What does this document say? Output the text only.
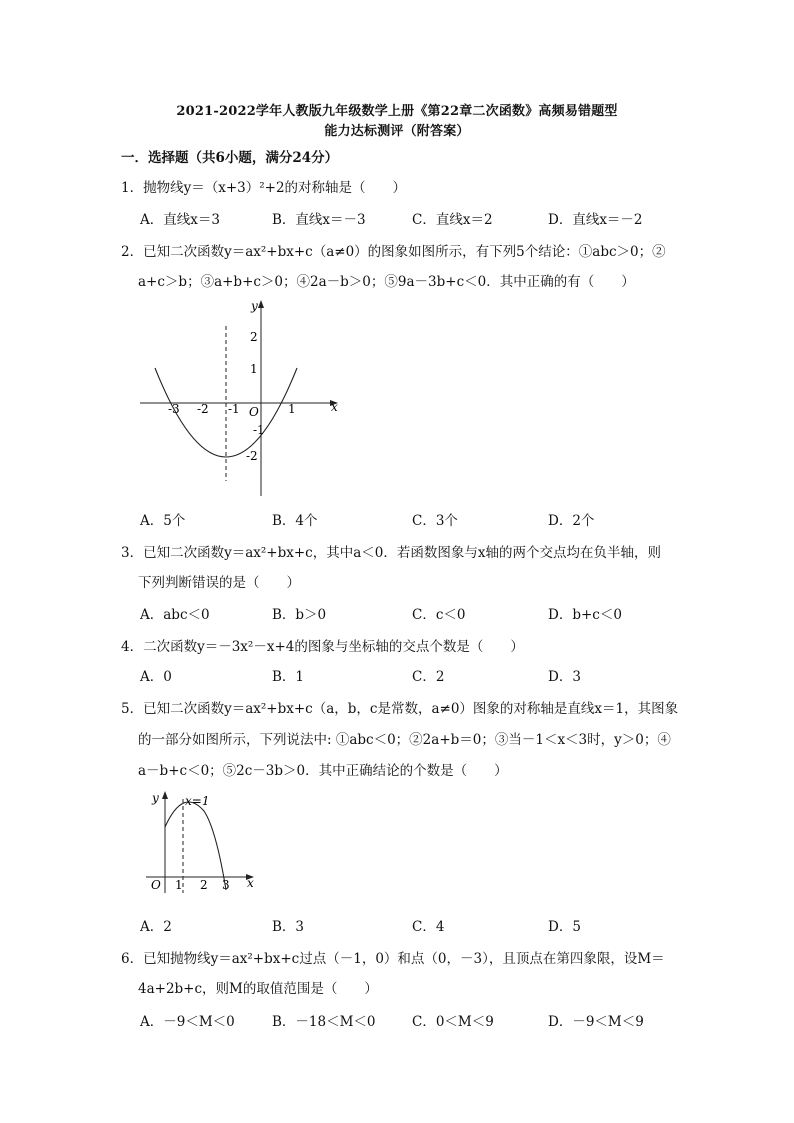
2021-2022学年人教版九年级数学上册《第22章二次函数》高频易错题型
能力达标测评（附答案）
一．选择题（共6小题，满分24分）
1．抛物线y＝（x+3）²+2的对称轴是（　　）
A．直线x＝3	B．直线x＝－3	C．直线x＝2	D．直线x＝－2
2．已知二次函数y＝ax²+bx+c（a≠0）的图象如图所示，有下列5个结论：①abc＞0；②
a+c＞b；③a+b+c＞0；④2a－b＞0；⑤9a－3b+c＜0．其中正确的有（　　）
y
x
O
-3 -2 -1	1
2
1
-1
-2
A．5个	B．4个	C．3个	D．2个
3．已知二次函数y＝ax²+bx+c，其中a＜0．若函数图象与x轴的两个交点均在负半轴，则
下列判断错误的是（　　）
A．abc＜0	B．b＞0	C．c＜0	D．b+c＜0
4．二次函数y＝－3x²－x+4的图象与坐标轴的交点个数是（　　）
A．0	B．1	C．2	D．3
5．已知二次函数y＝ax²+bx+c（a，b，c是常数，a≠0）图象的对称轴是直线x＝1，其图象
的一部分如图所示，下列说法中: ①abc＜0；②2a+b＝0；③当－1＜x＜3时，y＞0；④
a－b+c＜0；⑤2c－3b＞0．其中正确结论的个数是（　　）
y x=1
x
O 1 2 3
A．2	B．3	C．4	D．5
6．已知抛物线y＝ax²+bx+c过点（－1，0）和点（0，－3），且顶点在第四象限，设M＝
4a+2b+c，则M的取值范围是（　　）
A．－9＜M＜0	B．－18＜M＜0	C．0＜M＜9	D．－9＜M＜9
